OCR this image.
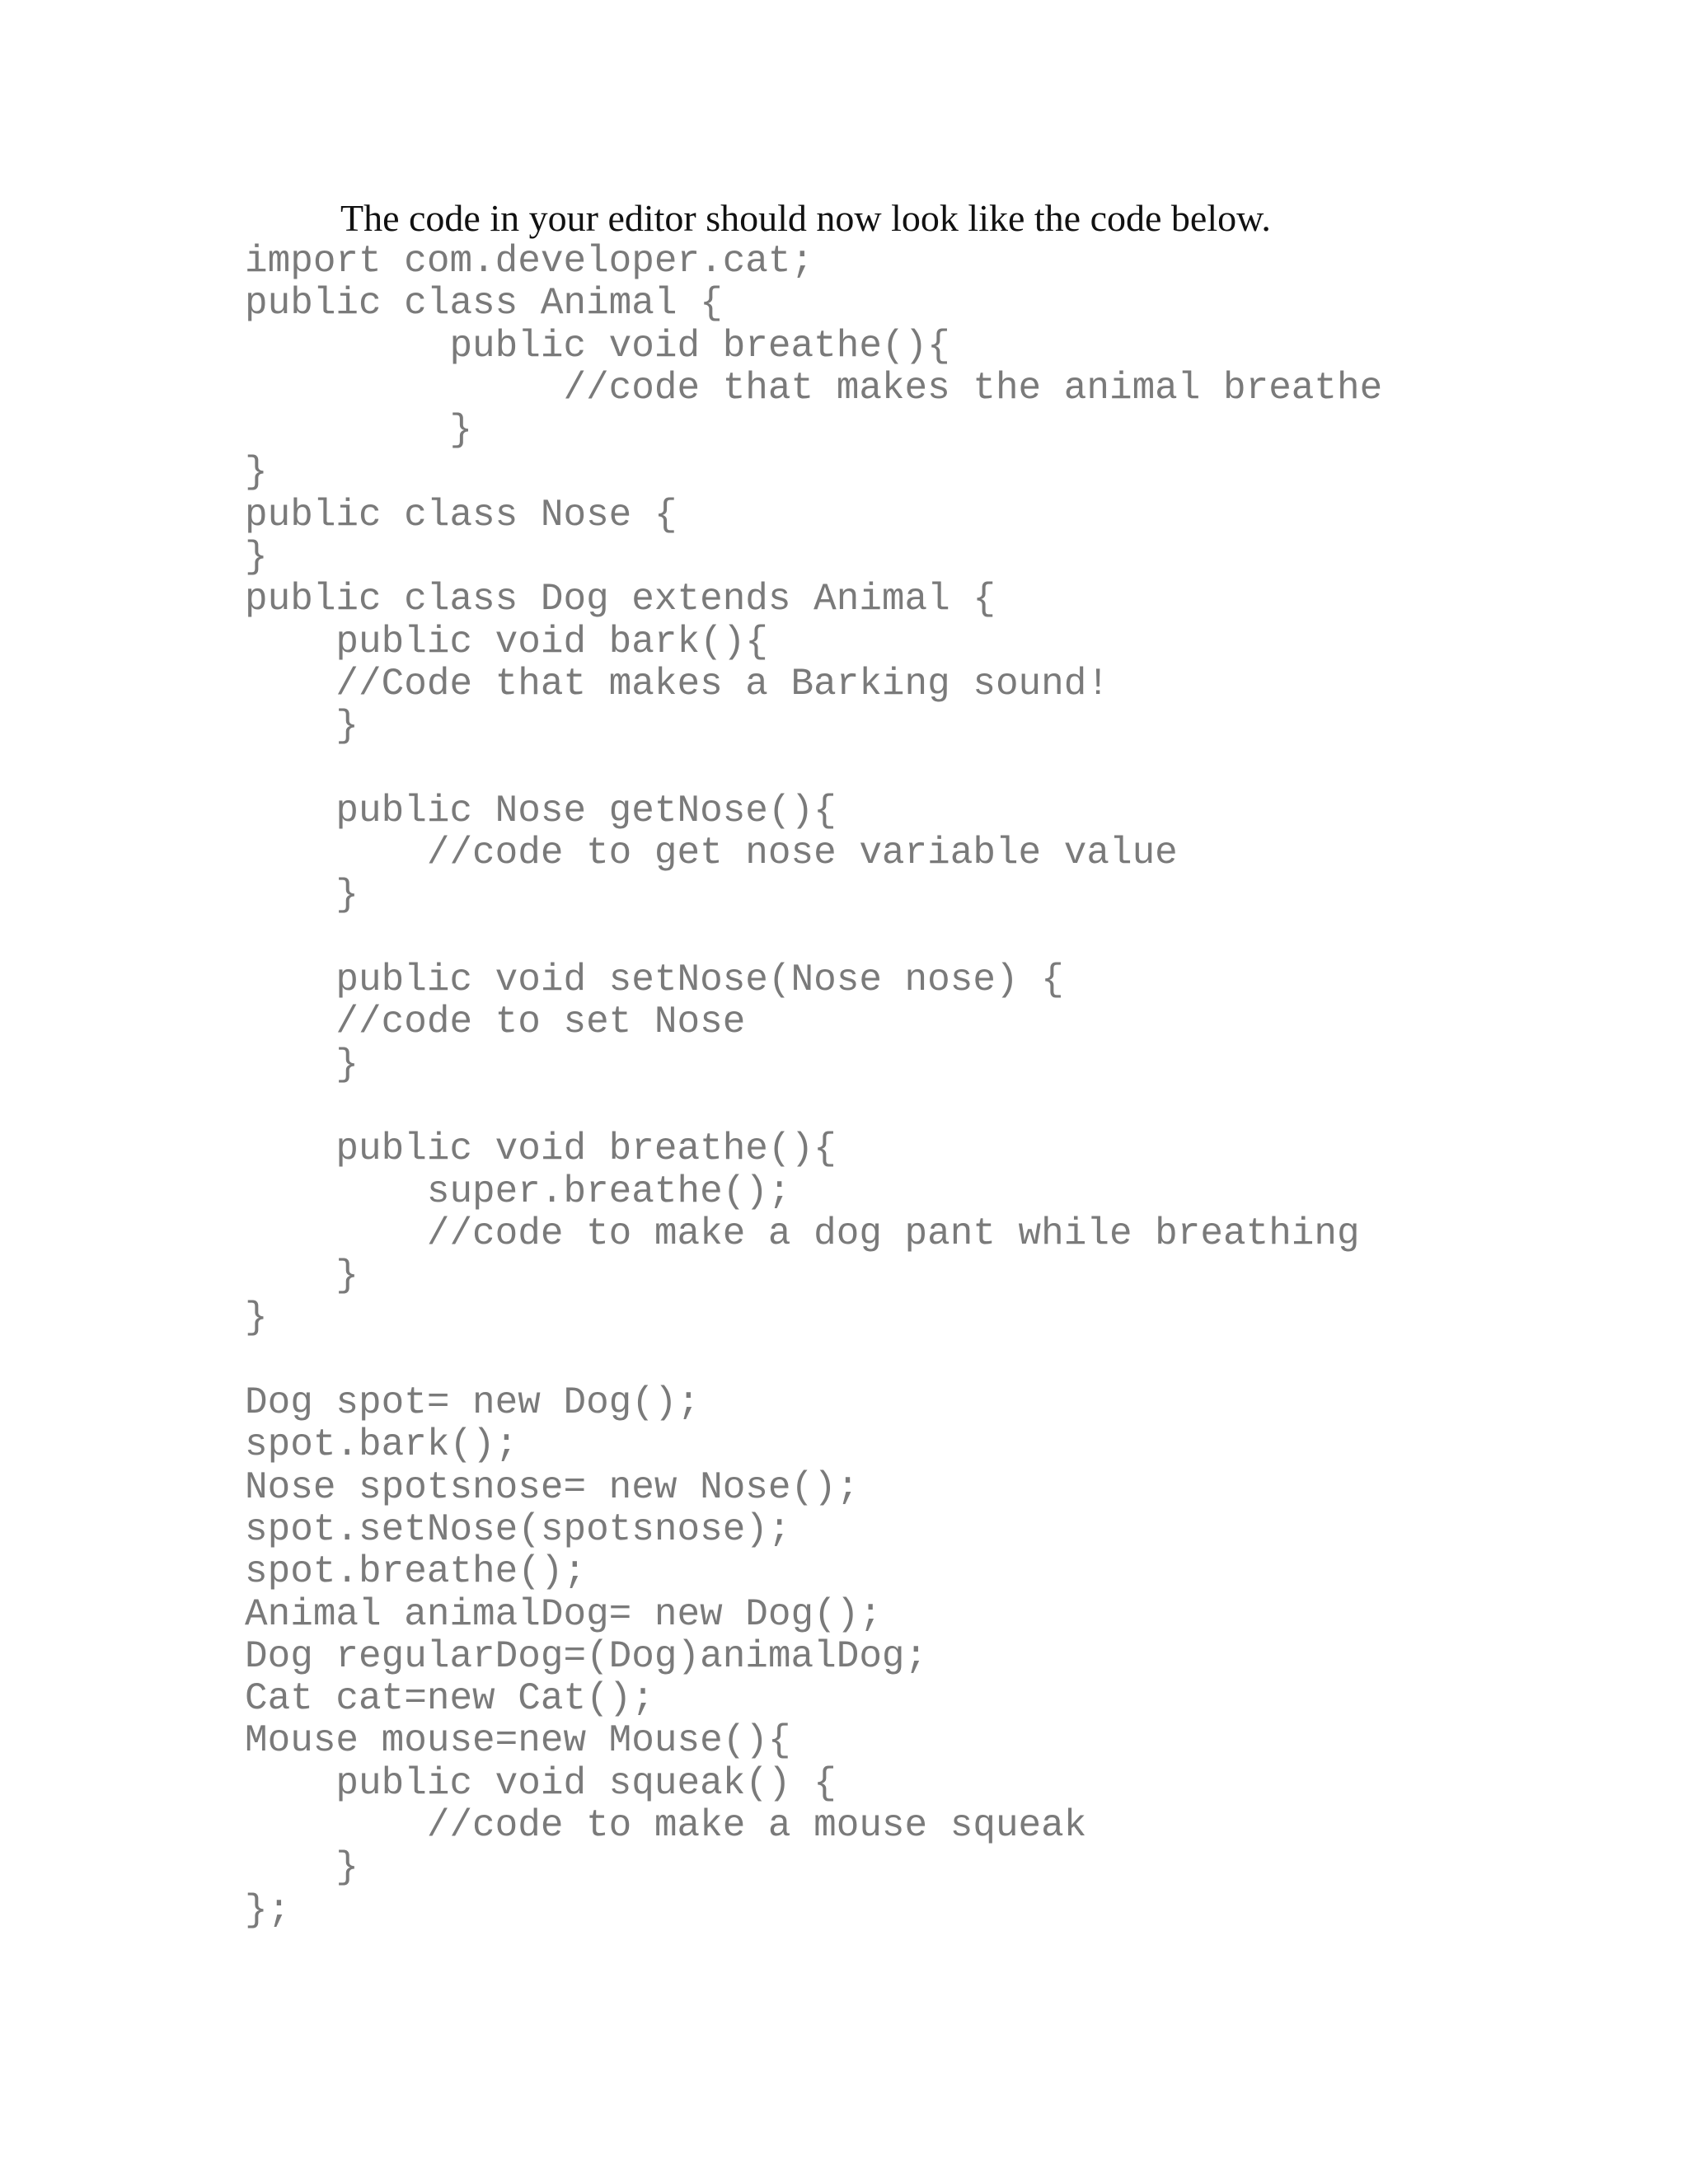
The code in your editor should now look like the code below.
import com.developer.cat;
public class Animal {
public void breathe(){
//code that makes the animal breathe
}
}
public class Nose {
}
public class Dog extends Animal {
public void bark(){
//Code that makes a Barking sound!
}
public Nose getNose(){
//code to get nose variable value
}
public void setNose(Nose nose) {
//code to set Nose
}
public void breathe(){
super.breathe();
//code to make a dog pant while breathing
}
}
Dog spot= new Dog();
spot.bark();
Nose spotsnose= new Nose();
spot.setNose(spotsnose);
spot.breathe();
Animal animalDog= new Dog();
Dog regularDog=(Dog)animalDog;
Cat cat=new Cat();
Mouse mouse=new Mouse(){
public void squeak() {
//code to make a mouse squeak
}
};
